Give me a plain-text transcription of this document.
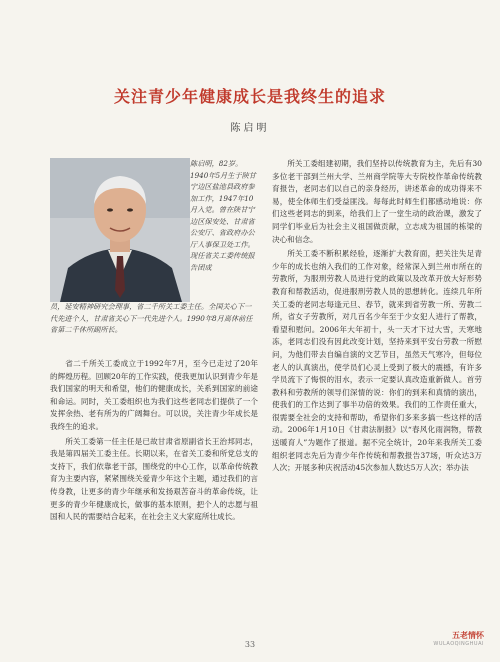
关注青少年健康成长是我终生的追求
陈启明
陈启明，82岁。1940年5月生于陕甘宁边区盐池县政府参加工作，1947年10月入党。曾在陕甘宁边区保安处、甘肃省公安厅、省政府办公厅人事保卫处工作。现任省关工委传统报告团成
员，延安精神研究会理事，省二千所关工委主任。全国关心下一代先进个人，甘肃省关心下一代先进个人。1990年8月离休前任省第二千休所副所长。

省二千所关工委成立于1992年7月，至今已走过了20年的辉煌历程。回顾20年的工作实践，使我更加认识到青少年是我们国家的明天和希望，他们的健康成长，关系到国家的前途和命运。同时，关工委组织也为我们这些老同志们提供了一个发挥余热、老有所为的广阔舞台。可以说，关注青少年成长是我终生的追求。

所关工委第一任主任是已故甘肃省原副省长王治邦同志，我是第四届关工委主任。长期以来，在省关工委和所党总支的支持下，我们依靠老干部，围绕党的中心工作，以革命传统教育为主要内容，紧紧围绕关爱青少年这个主题，通过我们的言传身教，让更多的青少年继承和发扬艰苦奋斗的革命传统，让更多的青少年健康成长，做事的基本原则，把个人的志愿与祖国和人民的需要结合起来，在社会主义大家庭所壮成长。

所关工委组建初期，我们坚持以传统教育为主，先后有30多位老干部到兰州大学、兰州商学院等大专院校作革命传统教育报告，老同志们以自己的亲身经历，讲述革命的成功得来不易，使全体师生们受益匪浅。每每此时师生们都感动地说：你们这些老同志的到来，给我们上了一堂生动的政治课，激发了同学们毕业后为社会主义祖国做贡献，立志成为祖国的栋梁的决心和信念。

所关工委不断积累经验，逐渐扩大教育面，把关注失足青少年的成长也纳入我们的工作对象，经常深入到兰州市所在的劳教所，为服刑劳教人员进行党的政策以及改革开放大好形势教育和帮教活动，促进服刑劳教人员的思想转化。连续几年所关工委的老同志每逢元旦、春节，就来到省劳教一所、劳教二所，省女子劳教所，对几百名少年至于少女犯人进行了帮教，看望和慰问。2006年大年初十，头一天才下过大雪，天寒地冻，老同志们没有因此改变计划，坚持来到平安台劳教一所慰问，为他们带去自编自演的文艺节目，虽然天气寒冷，但每位老人的认真演出，使学员们心灵上受到了极大的震撼，有许多学员流下了悔恨的泪水，表示一定要认真改造重新做人。首劳教科和劳教所的领导们深情的说：你们的到来和真情的演出，使我们的工作达到了事半功倍的效果。我们的工作责任重大，很需要全社会的支持和帮助，希望你们多来多搞一些这样的活动。2006年1月10日《甘肃法制报》以“春风化雨润物，帮教送暖育人”为题作了报道。据不完全统计，20年来我所关工委组织老同志先后为青少年作传统和帮教报告37场，听众达3万人次；开展多种庆祝活动45次参加人数达5万人次；举办法

33
五老情怀
WULAOQINGHUAI
